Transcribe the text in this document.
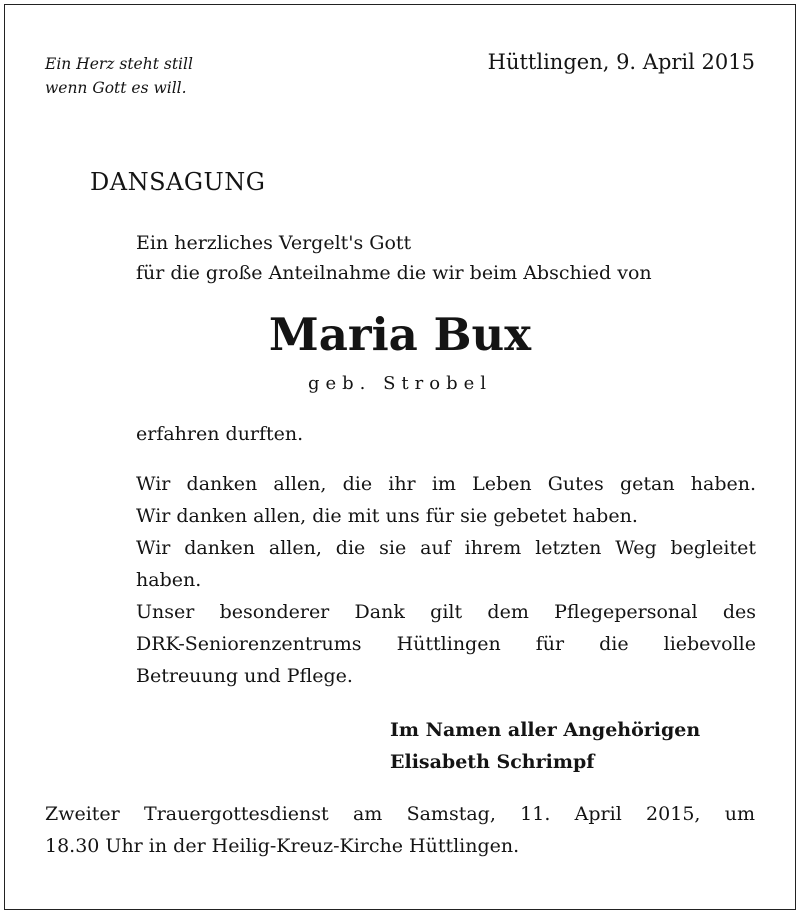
Ein Herz steht still
wenn Gott es will.
Hüttlingen, 9. April 2015
DANSAGUNG
Ein herzliches Vergelt's Gott
für die große Anteilnahme die wir beim Abschied von
Maria Bux
geb. Strobel
erfahren durften.
Wir danken allen, die ihr im Leben Gutes getan haben.
Wir danken allen, die mit uns für sie gebetet haben.
Wir danken allen, die sie auf ihrem letzten Weg begleitet
haben.
Unser besonderer Dank gilt dem Pflegepersonal des
DRK-Seniorenzentrums Hüttlingen für die liebevolle
Betreuung und Pflege.
Im Namen aller Angehörigen
Elisabeth Schrimpf
Zweiter Trauergottesdienst am Samstag, 11. April 2015, um
18.30 Uhr in der Heilig-Kreuz-Kirche Hüttlingen.
